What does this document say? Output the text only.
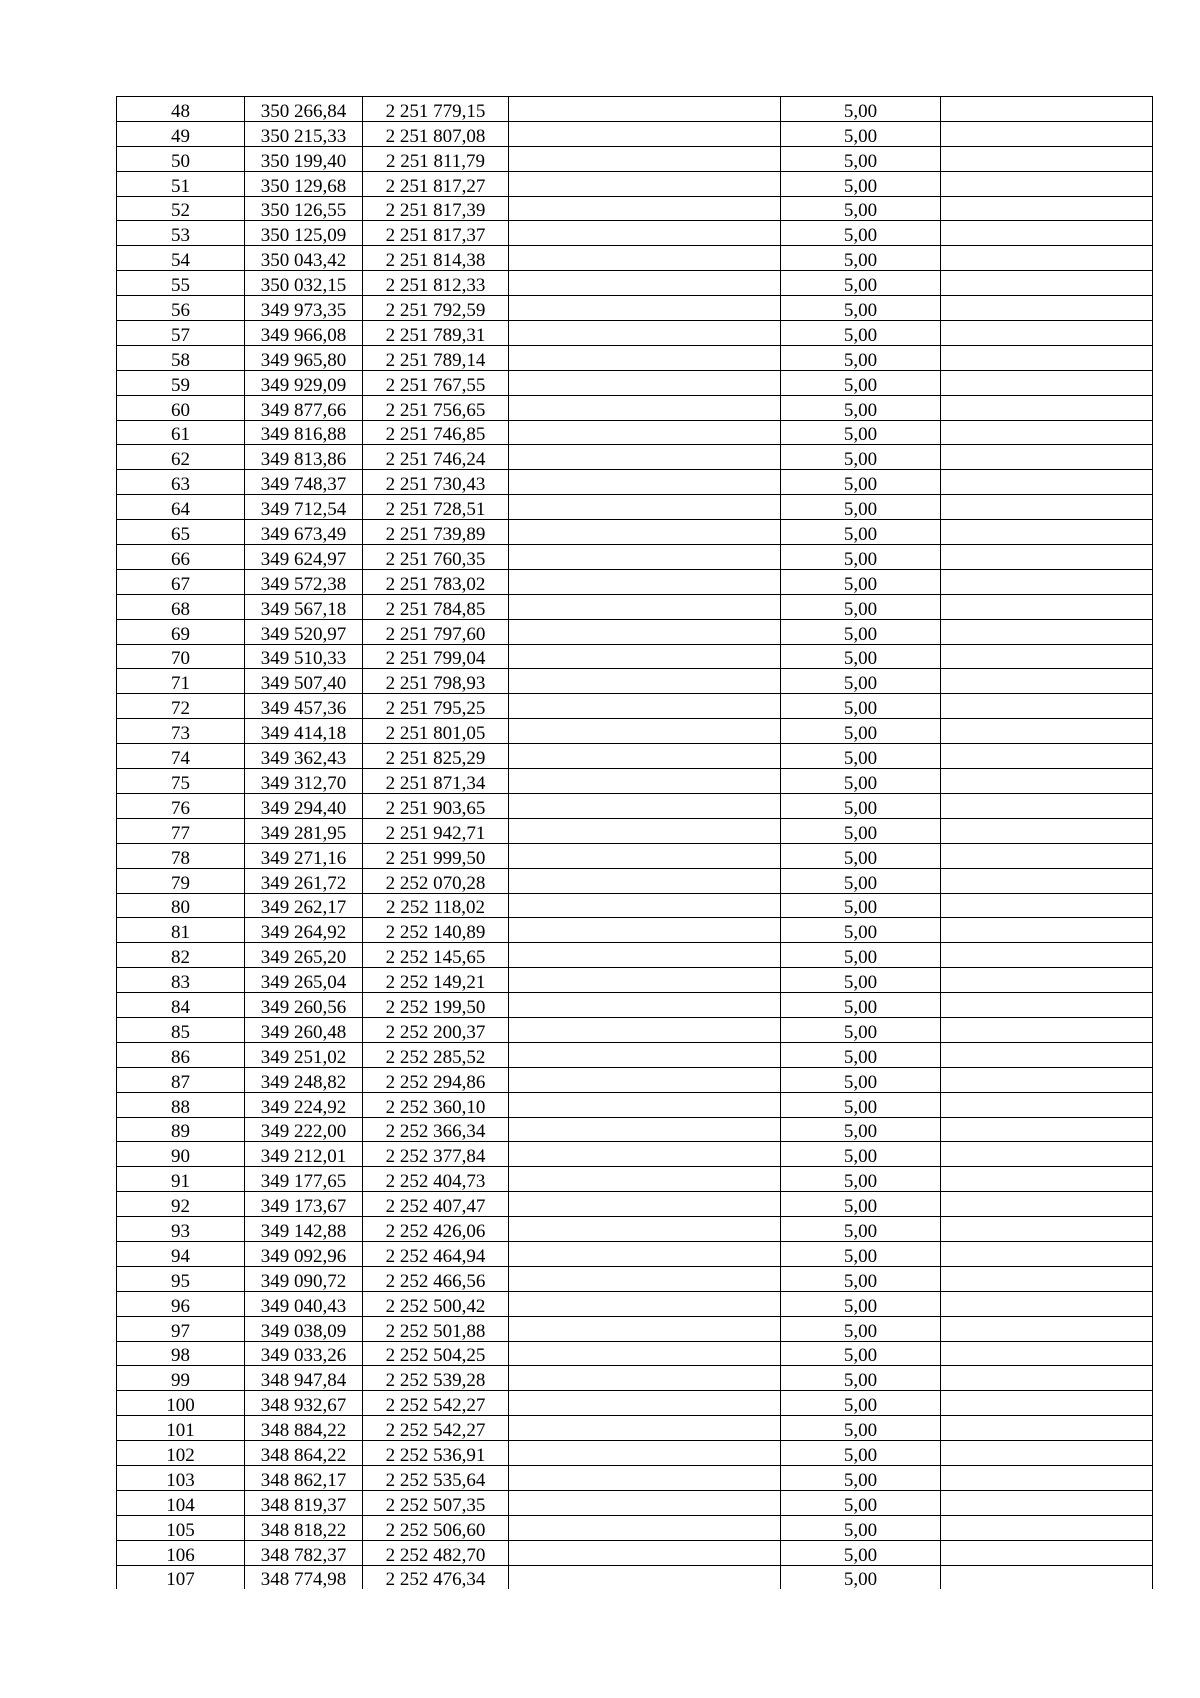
48	350 266,84	2 251 779,15		5,00	
49	350 215,33	2 251 807,08		5,00	
50	350 199,40	2 251 811,79		5,00	
51	350 129,68	2 251 817,27		5,00	
52	350 126,55	2 251 817,39		5,00	
53	350 125,09	2 251 817,37		5,00	
54	350 043,42	2 251 814,38		5,00	
55	350 032,15	2 251 812,33		5,00	
56	349 973,35	2 251 792,59		5,00	
57	349 966,08	2 251 789,31		5,00	
58	349 965,80	2 251 789,14		5,00	
59	349 929,09	2 251 767,55		5,00	
60	349 877,66	2 251 756,65		5,00	
61	349 816,88	2 251 746,85		5,00	
62	349 813,86	2 251 746,24		5,00	
63	349 748,37	2 251 730,43		5,00	
64	349 712,54	2 251 728,51		5,00	
65	349 673,49	2 251 739,89		5,00	
66	349 624,97	2 251 760,35		5,00	
67	349 572,38	2 251 783,02		5,00	
68	349 567,18	2 251 784,85		5,00	
69	349 520,97	2 251 797,60		5,00	
70	349 510,33	2 251 799,04		5,00	
71	349 507,40	2 251 798,93		5,00	
72	349 457,36	2 251 795,25		5,00	
73	349 414,18	2 251 801,05		5,00	
74	349 362,43	2 251 825,29		5,00	
75	349 312,70	2 251 871,34		5,00	
76	349 294,40	2 251 903,65		5,00	
77	349 281,95	2 251 942,71		5,00	
78	349 271,16	2 251 999,50		5,00	
79	349 261,72	2 252 070,28		5,00	
80	349 262,17	2 252 118,02		5,00	
81	349 264,92	2 252 140,89		5,00	
82	349 265,20	2 252 145,65		5,00	
83	349 265,04	2 252 149,21		5,00	
84	349 260,56	2 252 199,50		5,00	
85	349 260,48	2 252 200,37		5,00	
86	349 251,02	2 252 285,52		5,00	
87	349 248,82	2 252 294,86		5,00	
88	349 224,92	2 252 360,10		5,00	
89	349 222,00	2 252 366,34		5,00	
90	349 212,01	2 252 377,84		5,00	
91	349 177,65	2 252 404,73		5,00	
92	349 173,67	2 252 407,47		5,00	
93	349 142,88	2 252 426,06		5,00	
94	349 092,96	2 252 464,94		5,00	
95	349 090,72	2 252 466,56		5,00	
96	349 040,43	2 252 500,42		5,00	
97	349 038,09	2 252 501,88		5,00	
98	349 033,26	2 252 504,25		5,00	
99	348 947,84	2 252 539,28		5,00	
100	348 932,67	2 252 542,27		5,00	
101	348 884,22	2 252 542,27		5,00	
102	348 864,22	2 252 536,91		5,00	
103	348 862,17	2 252 535,64		5,00	
104	348 819,37	2 252 507,35		5,00	
105	348 818,22	2 252 506,60		5,00	
106	348 782,37	2 252 482,70		5,00	
107	348 774,98	2 252 476,34		5,00	
